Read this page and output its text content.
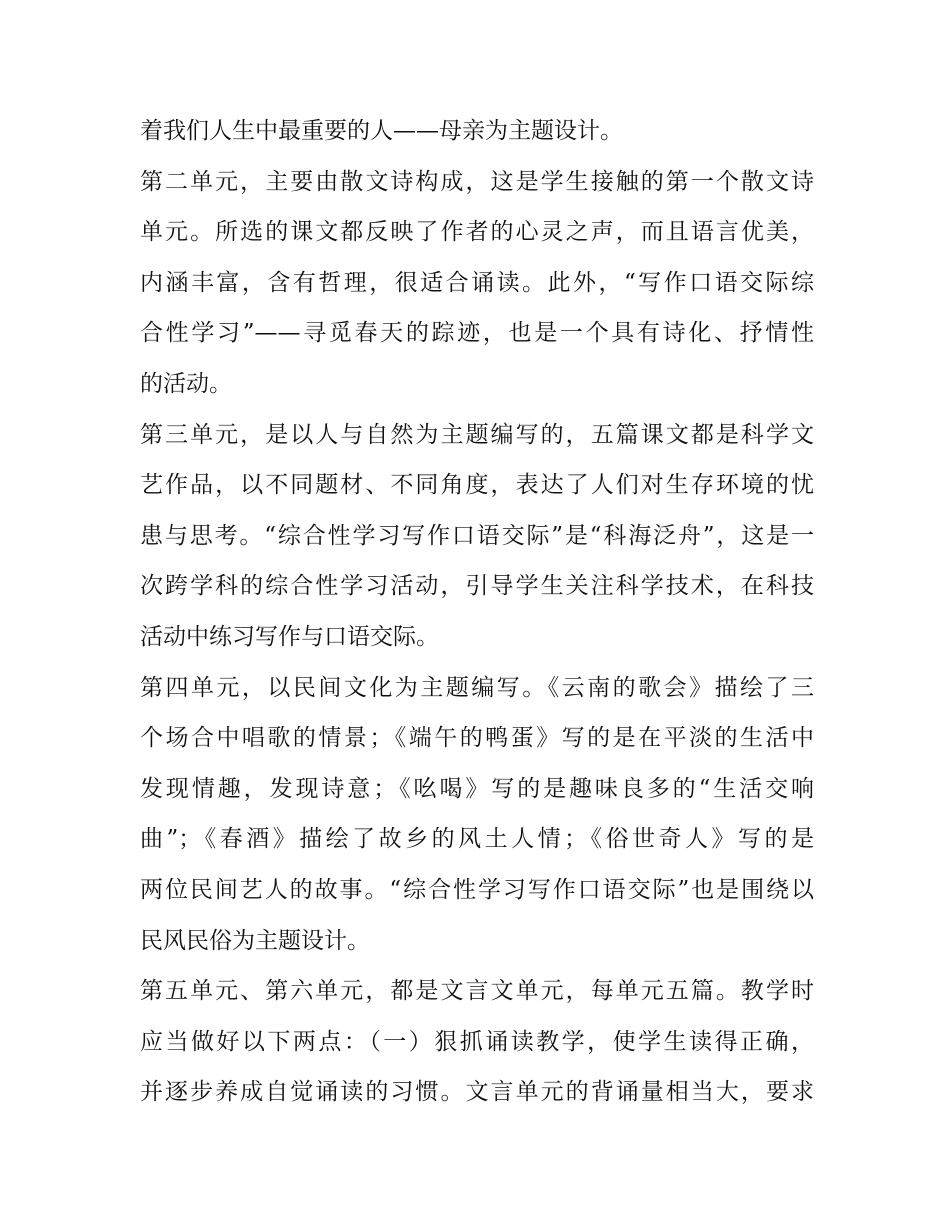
着我们人生中最重要的人——母亲为主题设计。
第二单元，主要由散文诗构成，这是学生接触的第一个散文诗
单元。所选的课文都反映了作者的心灵之声，而且语言优美，
内涵丰富，含有哲理，很适合诵读。此外，“写作口语交际综
合性学习”——寻觅春天的踪迹，也是一个具有诗化、抒情性
的活动。
第三单元，是以人与自然为主题编写的，五篇课文都是科学文
艺作品，以不同题材、不同角度，表达了人们对生存环境的忧
患与思考。“综合性学习写作口语交际”是“科海泛舟”，这是一
次跨学科的综合性学习活动，引导学生关注科学技术，在科技
活动中练习写作与口语交际。
第四单元，以民间文化为主题编写。《云南的歌会》描绘了三
个场合中唱歌的情景；《端午的鸭蛋》写的是在平淡的生活中
发现情趣，发现诗意；《吆喝》写的是趣味良多的“生活交响
曲”；《春酒》描绘了故乡的风土人情；《俗世奇人》写的是
两位民间艺人的故事。“综合性学习写作口语交际”也是围绕以
民风民俗为主题设计。
第五单元、第六单元，都是文言文单元，每单元五篇。教学时
应当做好以下两点：（一）狠抓诵读教学，使学生读得正确，
并逐步养成自觉诵读的习惯。文言单元的背诵量相当大，要求
